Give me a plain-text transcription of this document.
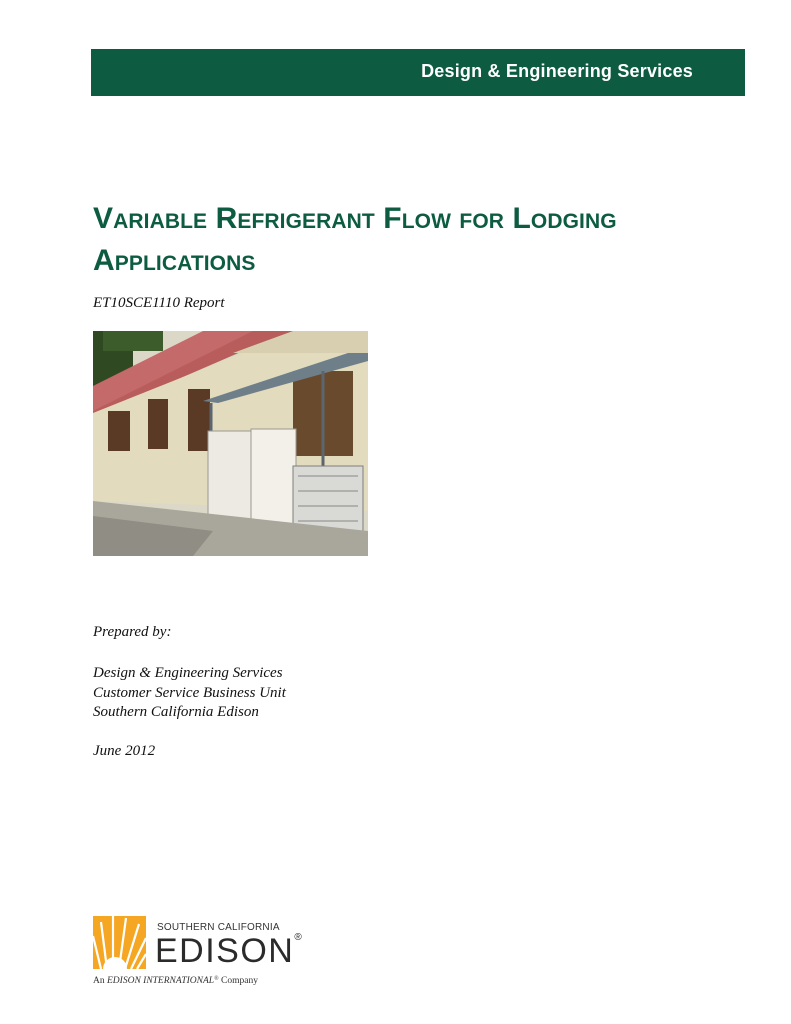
Design & Engineering Services
Variable Refrigerant Flow for Lodging
Applications
ET10SCE1110 Report
Prepared by:
Design & Engineering Services
Customer Service Business Unit
Southern California Edison
June 2012
SOUTHERN CALIFORNIA
EDISON®
An EDISON INTERNATIONAL® Company
